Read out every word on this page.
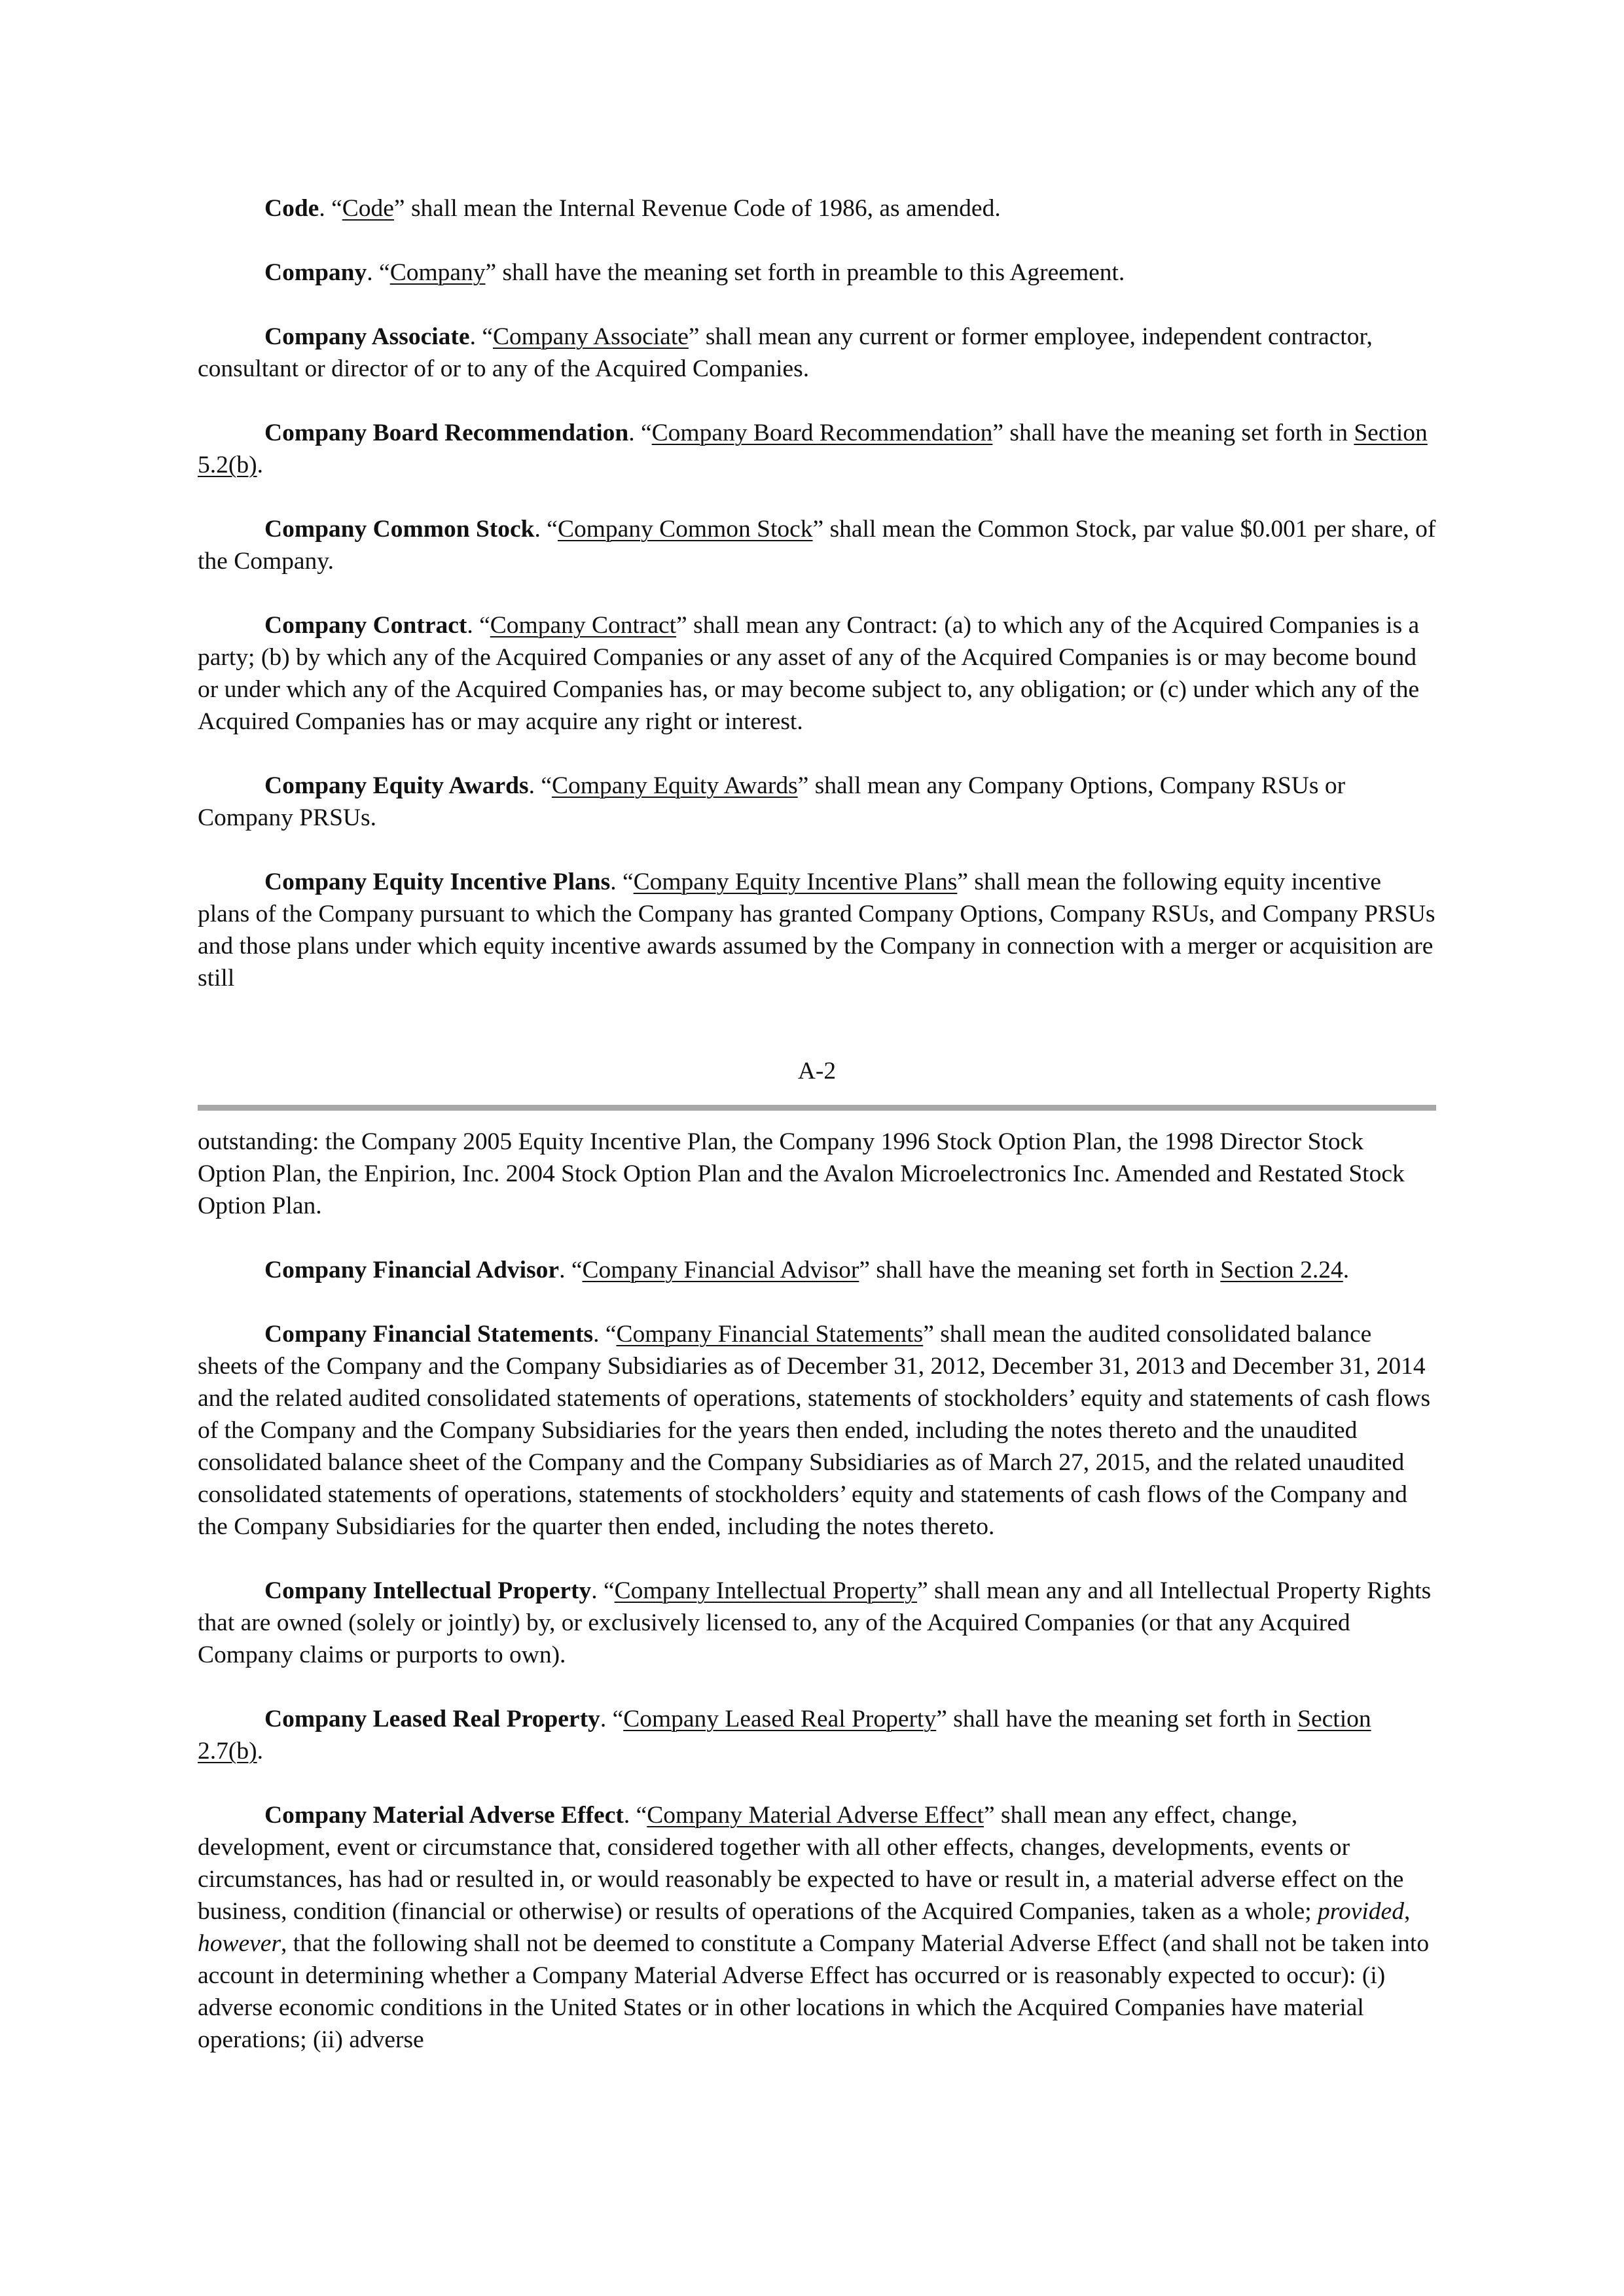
Code. “Code” shall mean the Internal Revenue Code of 1986, as amended.

Company. “Company” shall have the meaning set forth in preamble to this Agreement.

Company Associate. “Company Associate” shall mean any current or former employee, independent contractor, consultant or director of or to any of the Acquired Companies.

Company Board Recommendation. “Company Board Recommendation” shall have the meaning set forth in Section 5.2(b).

Company Common Stock. “Company Common Stock” shall mean the Common Stock, par value $0.001 per share, of the Company.

Company Contract. “Company Contract” shall mean any Contract: (a) to which any of the Acquired Companies is a party; (b) by which any of the Acquired Companies or any asset of any of the Acquired Companies is or may become bound or under which any of the Acquired Companies has, or may become subject to, any obligation; or (c) under which any of the Acquired Companies has or may acquire any right or interest.

Company Equity Awards. “Company Equity Awards” shall mean any Company Options, Company RSUs or Company PRSUs.

Company Equity Incentive Plans. “Company Equity Incentive Plans” shall mean the following equity incentive plans of the Company pursuant to which the Company has granted Company Options, Company RSUs, and Company PRSUs and those plans under which equity incentive awards assumed by the Company in connection with a merger or acquisition are still

A-2

outstanding: the Company 2005 Equity Incentive Plan, the Company 1996 Stock Option Plan, the 1998 Director Stock Option Plan, the Enpirion, Inc. 2004 Stock Option Plan and the Avalon Microelectronics Inc. Amended and Restated Stock Option Plan.

Company Financial Advisor. “Company Financial Advisor” shall have the meaning set forth in Section 2.24.

Company Financial Statements. “Company Financial Statements” shall mean the audited consolidated balance sheets of the Company and the Company Subsidiaries as of December 31, 2012, December 31, 2013 and December 31, 2014 and the related audited consolidated statements of operations, statements of stockholders’ equity and statements of cash flows of the Company and the Company Subsidiaries for the years then ended, including the notes thereto and the unaudited consolidated balance sheet of the Company and the Company Subsidiaries as of March 27, 2015, and the related unaudited consolidated statements of operations, statements of stockholders’ equity and statements of cash flows of the Company and the Company Subsidiaries for the quarter then ended, including the notes thereto.

Company Intellectual Property. “Company Intellectual Property” shall mean any and all Intellectual Property Rights that are owned (solely or jointly) by, or exclusively licensed to, any of the Acquired Companies (or that any Acquired Company claims or purports to own).

Company Leased Real Property. “Company Leased Real Property” shall have the meaning set forth in Section 2.7(b).

Company Material Adverse Effect. “Company Material Adverse Effect” shall mean any effect, change, development, event or circumstance that, considered together with all other effects, changes, developments, events or circumstances, has had or resulted in, or would reasonably be expected to have or result in, a material adverse effect on the business, condition (financial or otherwise) or results of operations of the Acquired Companies, taken as a whole; provided, however, that the following shall not be deemed to constitute a Company Material Adverse Effect (and shall not be taken into account in determining whether a Company Material Adverse Effect has occurred or is reasonably expected to occur): (i) adverse economic conditions in the United States or in other locations in which the Acquired Companies have material operations; (ii) adverse
